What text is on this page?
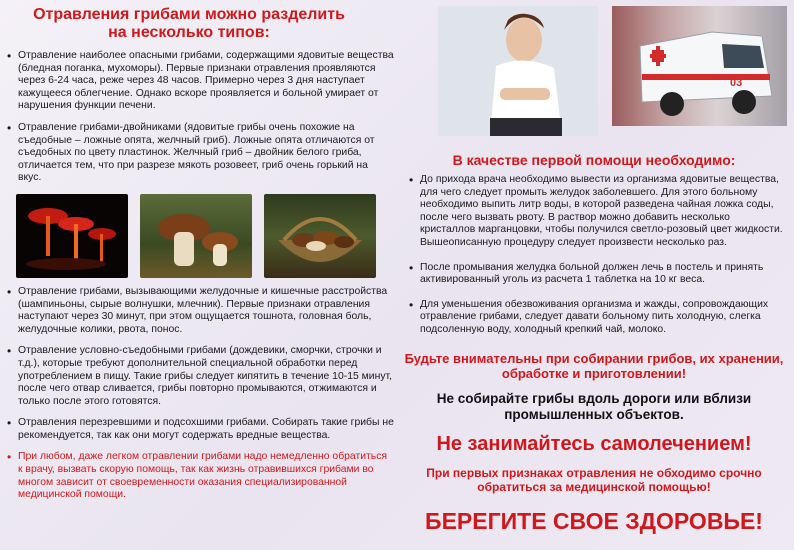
Отравления грибами можно разделить на несколько типов:
• Отравление наиболее опасными грибами, содержащими ядовитые вещества (бледная поганка, мухоморы). Первые признаки отравления проявляются через 6-24 часа, реже через 48 часов. Примерно через 3 дня наступает кажущееся облегчение. Однако вскоре проявляется и больной умирает от нарушения функции печени.
• Отравление грибами-двойниками (ядовитые грибы очень похожие на съедобные – ложные опята, желчный гриб). Ложные опята отличаются от съедобных по цвету пластинок. Желчный гриб – двойник белого гриба, отличается тем, что при разрезе мякоть розовеет, гриб очень горький на вкус.
• Отравление грибами, вызывающими желудочные и кишечные расстройства (шампиньоны, сырые волнушки, млечник). Первые признаки отравления наступают через 30 минут, при этом ощущается тошнота, головная боль, желудочные колики, рвота, понос.
• Отравление условно-съедобными грибами (дождевики, сморчки, строчки и т.д.), которые требуют дополнительной специальной обработки перед употреблением в пищу. Такие грибы следует кипятить в течение 10-15 минут, после чего отвар сливается, грибы повторно промываются, отжимаются и только после этого готовятся.
• Отравления перезревшими и подсохшими грибами. Собирать такие грибы не рекомендуется, так как они могут содержать вредные вещества.
• При любом, даже легком отравлении грибами надо немедленно обратиться к врачу, вызвать скорую помощь, так как жизнь отравившихся грибами во многом зависит от своевременности оказания специализированной медицинской помощи.
03
В качестве первой помощи необходимо:
• До прихода врача необходимо вывести из организма ядовитые вещества, для чего следует промыть желудок заболевшего. Для этого больному необходимо выпить литр воды, в которой разведена чайная ложка соды, после чего вызвать рвоту. В раствор можно добавить несколько кристаллов марганцовки, чтобы получился светло-розовый цвет жидкости. Вышеописанную процедуру следует произвести несколько раз.
• После промывания желудка больной должен лечь в постель и принять активированный уголь из расчета 1 таблетка на 10 кг веса.
• Для уменьшения обезвоживания организма и жажды, сопровождающих отравление грибами, следует давати больному пить холодную, слегка подсоленную воду, холодный крепкий чай, молоко.
Будьте внимательны при собирании грибов, их хранении, обработке и приготовлении!
Не собирайте грибы вдоль дороги или вблизи промышленных объектов.
Не занимайтесь самолечением!
При первых признаках отравления не обходимо срочно обратиться за медицинской помощью!
БЕРЕГИТЕ СВОЕ ЗДОРОВЬЕ!
